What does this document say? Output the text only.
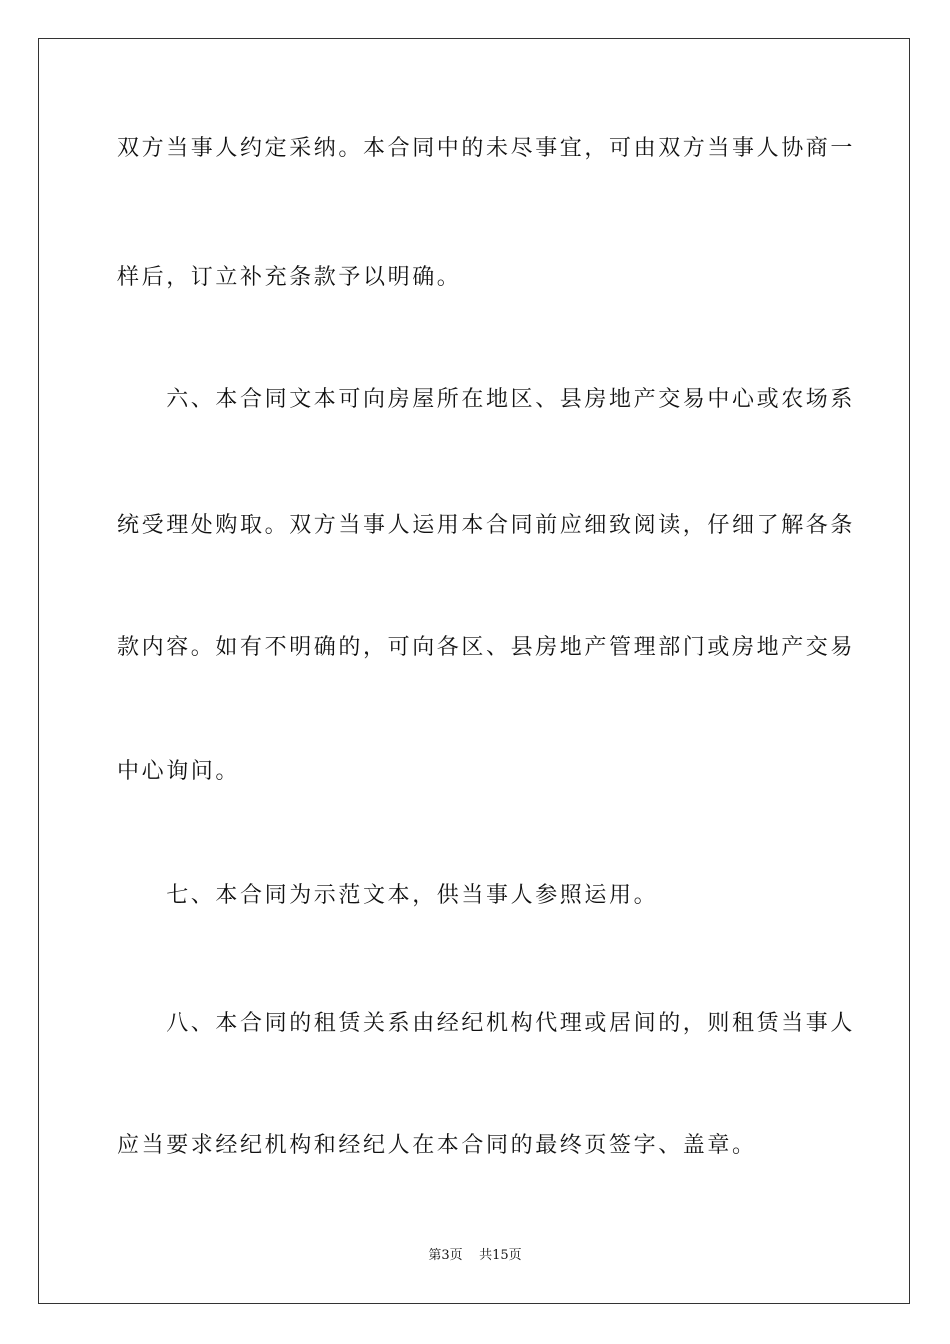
双方当事人约定采纳。本合同中的未尽事宜，可由双方当事人协商一
样后，订立补充条款予以明确。
　　六、本合同文本可向房屋所在地区、县房地产交易中心或农场系
统受理处购取。双方当事人运用本合同前应细致阅读，仔细了解各条
款内容。如有不明确的，可向各区、县房地产管理部门或房地产交易
中心询问。
　　七、本合同为示范文本，供当事人参照运用。
　　八、本合同的租赁关系由经纪机构代理或居间的，则租赁当事人
应当要求经纪机构和经纪人在本合同的最终页签字、盖章。
第3页    共15页
